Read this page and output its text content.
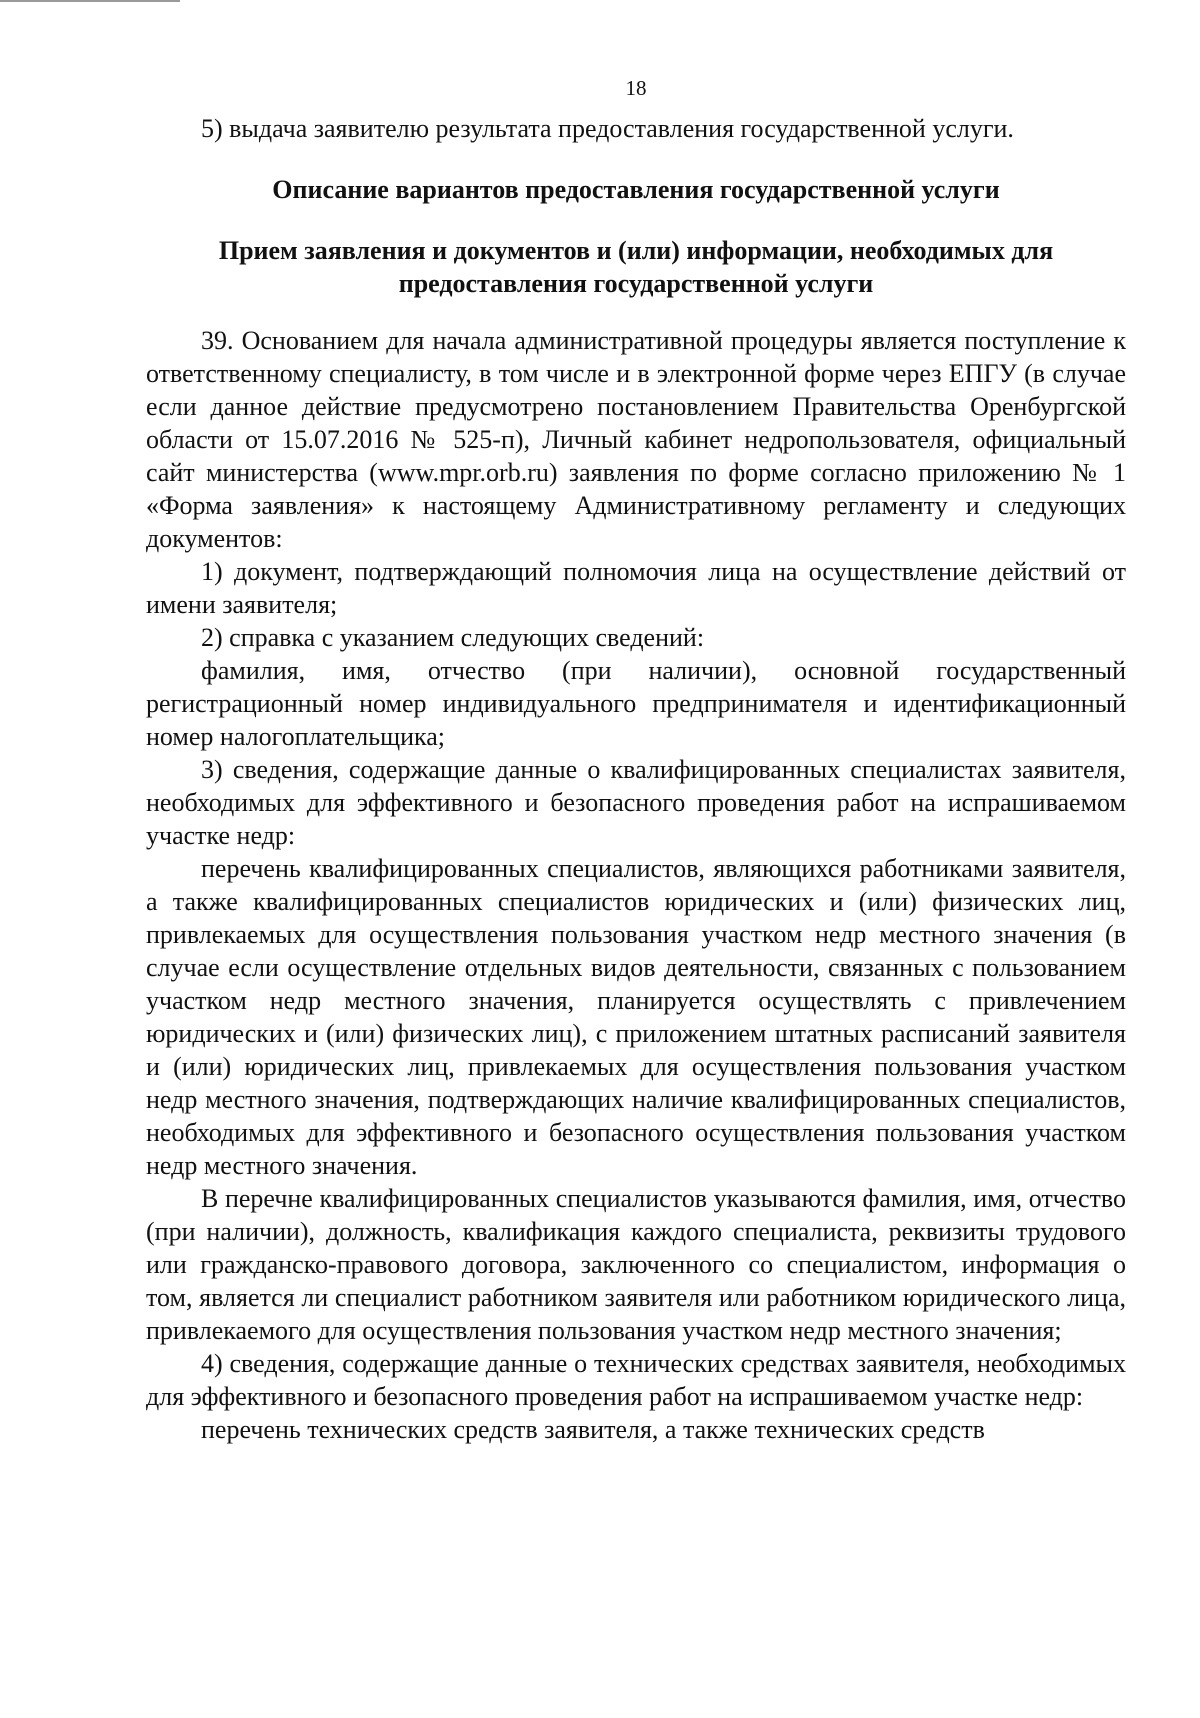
18

5) выдача заявителю результата предоставления государственной услуги.

Описание вариантов предоставления государственной услуги

Прием заявления и документов и (или) информации, необходимых для предоставления государственной услуги

39. Основанием для начала административной процедуры является поступление к ответственному специалисту, в том числе и в электронной форме через ЕПГУ (в случае если данное действие предусмотрено постановлением Правительства Оренбургской области от 15.07.2016 № 525-п), Личный кабинет недропользователя, официальный сайт министерства (www.mpr.orb.ru) заявления по форме согласно приложению № 1 «Форма заявления» к настоящему Административному регламенту и следующих документов:

1) документ, подтверждающий полномочия лица на осуществление действий от имени заявителя;

2) справка с указанием следующих сведений:

фамилия, имя, отчество (при наличии), основной государственный регистрационный номер индивидуального предпринимателя и идентификационный номер налогоплательщика;

3) сведения, содержащие данные о квалифицированных специалистах заявителя, необходимых для эффективного и безопасного проведения работ на испрашиваемом участке недр:

перечень квалифицированных специалистов, являющихся работниками заявителя, а также квалифицированных специалистов юридических и (или) физических лиц, привлекаемых для осуществления пользования участком недр местного значения (в случае если осуществление отдельных видов деятельности, связанных с пользованием участком недр местного значения, планируется осуществлять с привлечением юридических и (или) физических лиц), с приложением штатных расписаний заявителя и (или) юридических лиц, привлекаемых для осуществления пользования участком недр местного значения, подтверждающих наличие квалифицированных специалистов, необходимых для эффективного и безопасного осуществления пользования участком недр местного значения.

В перечне квалифицированных специалистов указываются фамилия, имя, отчество (при наличии), должность, квалификация каждого специалиста, реквизиты трудового или гражданско-правового договора, заключенного со специалистом, информация о том, является ли специалист работником заявителя или работником юридического лица, привлекаемого для осуществления пользования участком недр местного значения;

4) сведения, содержащие данные о технических средствах заявителя, необходимых для эффективного и безопасного проведения работ на испрашиваемом участке недр:

перечень технических средств заявителя, а также технических средств
